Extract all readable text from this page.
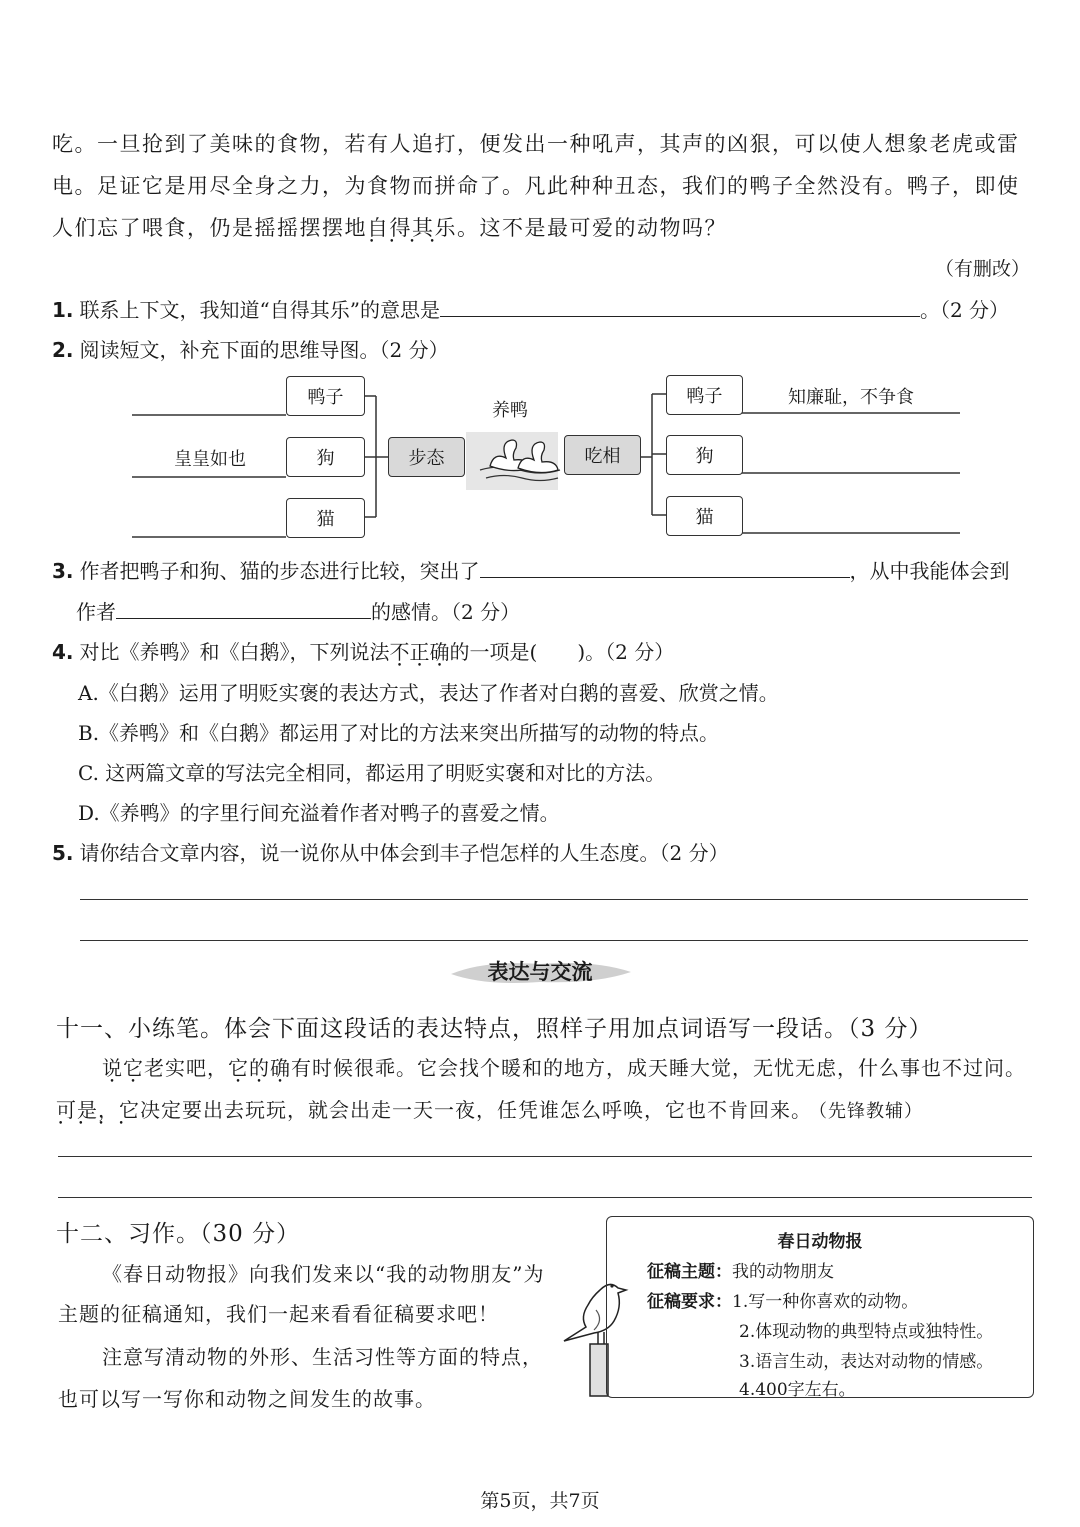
吃。一旦抢到了美味的食物，若有人追打，便发出一种吼声，其声的凶狠，可以使人想象老虎或雷
电。足证它是用尽全身之力，为食物而拼命了。凡此种种丑态，我们的鸭子全然没有。鸭子，即使
人们忘了喂食，仍是摇摇摆摆地自得其乐 • • • •。这不是最可爱的动物吗？
（有删改）
1. 联系上下文，我知道“自得其乐”的意思是	。（2 分）
2. 阅读短文，补充下面的思维导图。（2 分）
养鸭
鸭子
狗
猫
步态	吃相
鸭子
狗
猫
皇皇如也
知廉耻，不争食
3. 作者把鸭子和狗、猫的步态进行比较，突出了	，从中我能体会到
作者	的感情。（2 分）
4. 对比《养鸭》和《白鹅》，下列说法不正确的一项是(　　)。（2 分）
A.《白鹅》运用了明贬实褒的表达方式，表达了作者对白鹅的喜爱、欣赏之情。
B.《养鸭》和《白鹅》都运用了对比的方法来突出所描写的动物的特点。
C. 这两篇文章的写法完全相同，都运用了明贬实褒和对比的方法。
D.《养鸭》的字里行间充溢着作者对鸭子的喜爱之情。
5. 请你结合文章内容，说一说你从中体会到丰子恺怎样的人生态度。（2 分）
表达与交流
十一、小练笔。体会下面这段话的表达特点，照样子用加点词语写一段话。（3 分）
说它老实吧，它的确有时候很乖。它会找个暖和的地方，成天睡大觉，无忧无虑，什么事也不过问。
可是 • • • •，它决定要出去玩玩，就会出走一天一夜，任凭谁怎么呼唤，它也不肯回来。 （先锋教辅）
十二、习作。（30 分）
《春日动物报》向我们发来以“我的动物朋友”为
主题的征稿通知，我们一起来看看征稿要求吧！
注意写清动物的外形、生活习性等方面的特点，
也可以写一写你和动物之间发生的故事。
春日动物报
征稿主题：我的动物朋友
征稿要求：1.写一种你喜欢的动物。
2.体现动物的典型特点或独特性。
3.语言生动，表达对动物的情感。
4.400字左右。
第5页，共7页
